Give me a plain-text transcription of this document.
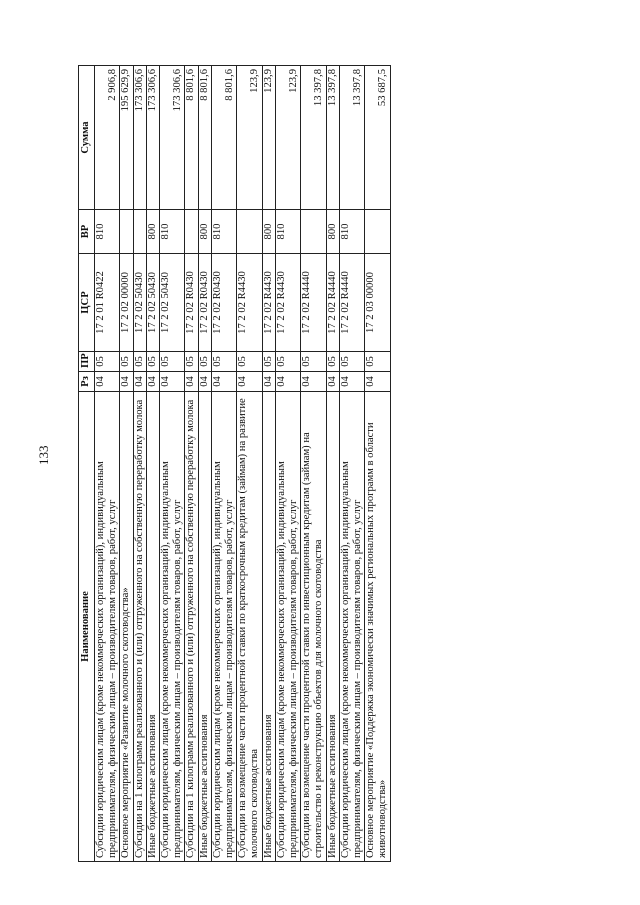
133
Наименование	Рз	ПР	ЦСР	ВР	Сумма
Субсидии юридическим лицам (кроме некоммерческих организаций), индивидуальным предпринимателям, физическим лицам – производителям товаров, работ, услуг	04	05	17 2 01 R0422	810	2 906,8
Основное мероприятие «Развитие молочного скотоводства»	04	05	17 2 02 00000		195 629,9
Субсидии на 1 килограмм реализованного и (или) отгруженного на собственную переработку молока	04	05	17 2 02 50430		173 306,6
Иные бюджетные ассигнования	04	05	17 2 02 50430	800	173 306,6
Субсидии юридическим лицам (кроме некоммерческих организаций), индивидуальным предпринимателям, физическим лицам – производителям товаров, работ, услуг	04	05	17 2 02 50430	810	173 306,6
Субсидии на 1 килограмм реализованного и (или) отгруженного на собственную переработку молока	04	05	17 2 02 R0430		8 801,6
Иные бюджетные ассигнования	04	05	17 2 02 R0430	800	8 801,6
Субсидии юридическим лицам (кроме некоммерческих организаций), индивидуальным предпринимателям, физическим лицам – производителям товаров, работ, услуг	04	05	17 2 02 R0430	810	8 801,6
Субсидии на возмещение части процентной ставки по краткосрочным кредитам (займам) на развитие молочного скотоводства	04	05	17 2 02 R4430		123,9
Иные бюджетные ассигнования	04	05	17 2 02 R4430	800	123,9
Субсидии юридическим лицам (кроме некоммерческих организаций), индивидуальным предпринимателям, физическим лицам – производителям товаров, работ, услуг	04	05	17 2 02 R4430	810	123,9
Субсидии на возмещение части процентной ставки по инвестиционным кредитам (займам) на строительство и реконструкцию объектов для молочного скотоводства	04	05	17 2 02 R4440		13 397,8
Иные бюджетные ассигнования	04	05	17 2 02 R4440	800	13 397,8
Субсидии юридическим лицам (кроме некоммерческих организаций), индивидуальным предпринимателям, физическим лицам – производителям товаров, работ, услуг	04	05	17 2 02 R4440	810	13 397,8
Основное мероприятие «Поддержка экономически значимых региональных программ в области животноводства»	04	05	17 2 03 00000		53 687,5
